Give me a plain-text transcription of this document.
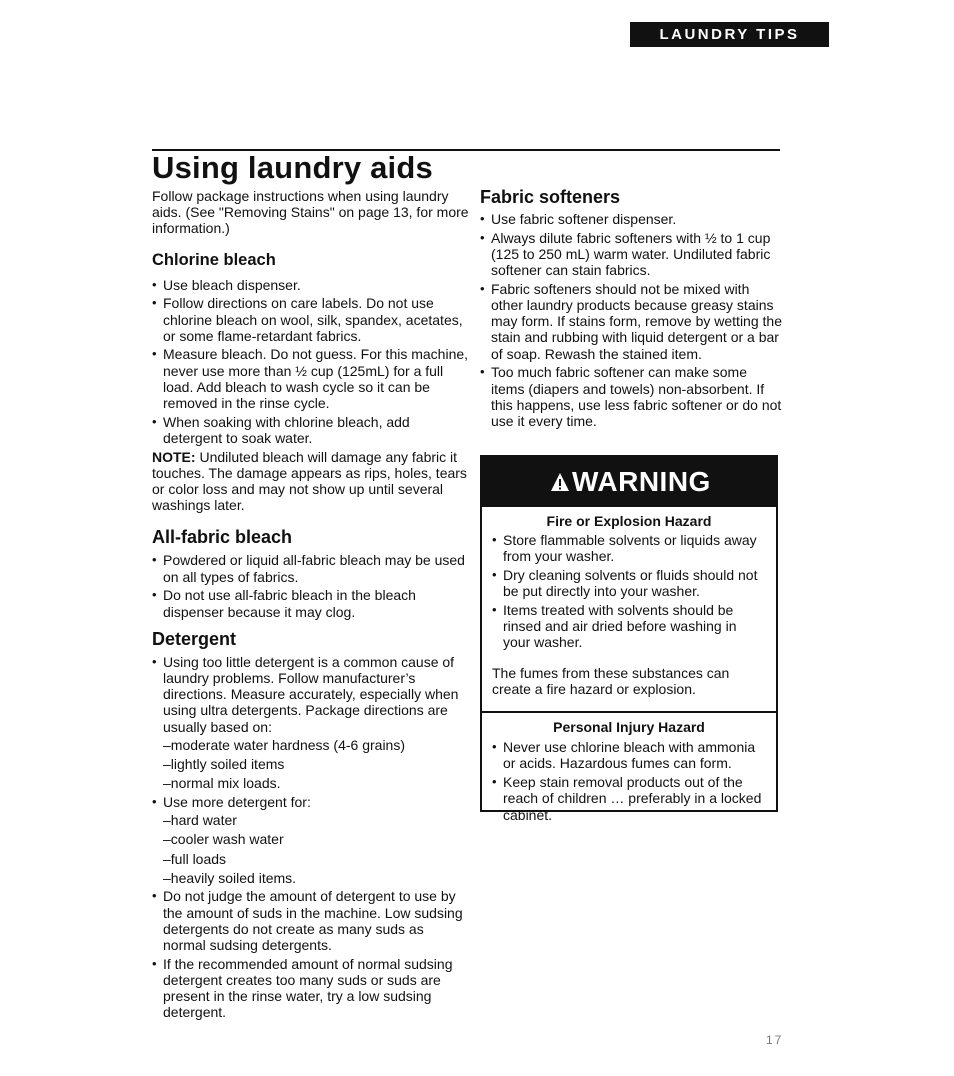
LAUNDRY TIPS
Using laundry aids

Follow package instructions when using laundry aids. (See "Removing Stains" on page 13, for more information.)

Chlorine bleach
• Use bleach dispenser.
• Follow directions on care labels. Do not use chlorine bleach on wool, silk, spandex, acetates, or some flame-retardant fabrics.
• Measure bleach. Do not guess. For this machine, never use more than ½ cup (125mL) for a full load. Add bleach to wash cycle so it can be removed in the rinse cycle.
• When soaking with chlorine bleach, add detergent to soak water.

NOTE: Undiluted bleach will damage any fabric it touches. The damage appears as rips, holes, tears or color loss and may not show up until several washings later.

All-fabric bleach
• Powdered or liquid all-fabric bleach may be used on all types of fabrics.
• Do not use all-fabric bleach in the bleach dispenser because it may clog.
Detergent
• Using too little detergent is a common cause of laundry problems. Follow manufacturer’s directions. Measure accurately, especially when using ultra detergents. Package directions are usually based on:

–moderate water hardness (4-6 grains)

–lightly soiled items

–normal mix loads.

• Use more detergent for:

–hard water

–cooler wash water

–full loads

–heavily soiled items.

• Do not judge the amount of detergent to use by the amount of suds in the machine. Low sudsing detergents do not create as many suds as normal sudsing detergents.
• If the recommended amount of normal sudsing detergent creates too many suds or suds are present in the rinse water, try a low sudsing detergent.
Fabric softeners
• Use fabric softener dispenser.
• Always dilute fabric softeners with ½ to 1 cup (125 to 250 mL) warm water. Undiluted fabric softener can stain fabrics.
• Fabric softeners should not be mixed with other laundry products because greasy stains may form. If stains form, remove by wetting the stain and rubbing with liquid detergent or a bar of soap. Rewash the stained item.
• Too much fabric softener can make some items (diapers and towels) non-absorbent. If this happens, use less fabric softener or do not use it every time.
WARNING

Fire or Explosion Hazard

• Store flammable solvents or liquids away from your washer.
• Dry cleaning solvents or fluids should not be put directly into your washer.
• Items treated with solvents should be rinsed and air dried before washing in your washer.

The fumes from these substances can create a fire hazard or explosion.

Personal Injury Hazard

• Never use chlorine bleach with ammonia or acids. Hazardous fumes can form.
• Keep stain removal products out of the reach of children … preferably in a locked cabinet.
17
